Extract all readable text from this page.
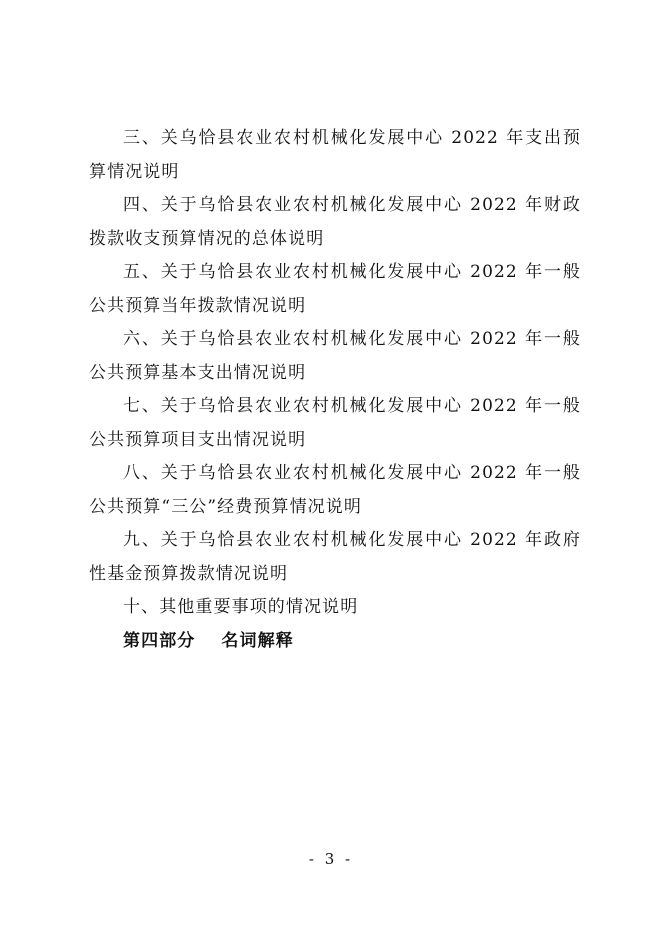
三、关乌恰县农业农村机械化发展中心 2022 年支出预算情况说明

四、关于乌恰县农业农村机械化发展中心 2022 年财政拨款收支预算情况的总体说明

五、关于乌恰县农业农村机械化发展中心 2022 年一般公共预算当年拨款情况说明

六、关于乌恰县农业农村机械化发展中心 2022 年一般公共预算基本支出情况说明

七、关于乌恰县农业农村机械化发展中心 2022 年一般公共预算项目支出情况说明

八、关于乌恰县农业农村机械化发展中心 2022 年一般公共预算“三公”经费预算情况说明

九、关于乌恰县农业农村机械化发展中心 2022 年政府性基金预算拨款情况说明

十、其他重要事项的情况说明

第四部分 名词解释

- 3 -
